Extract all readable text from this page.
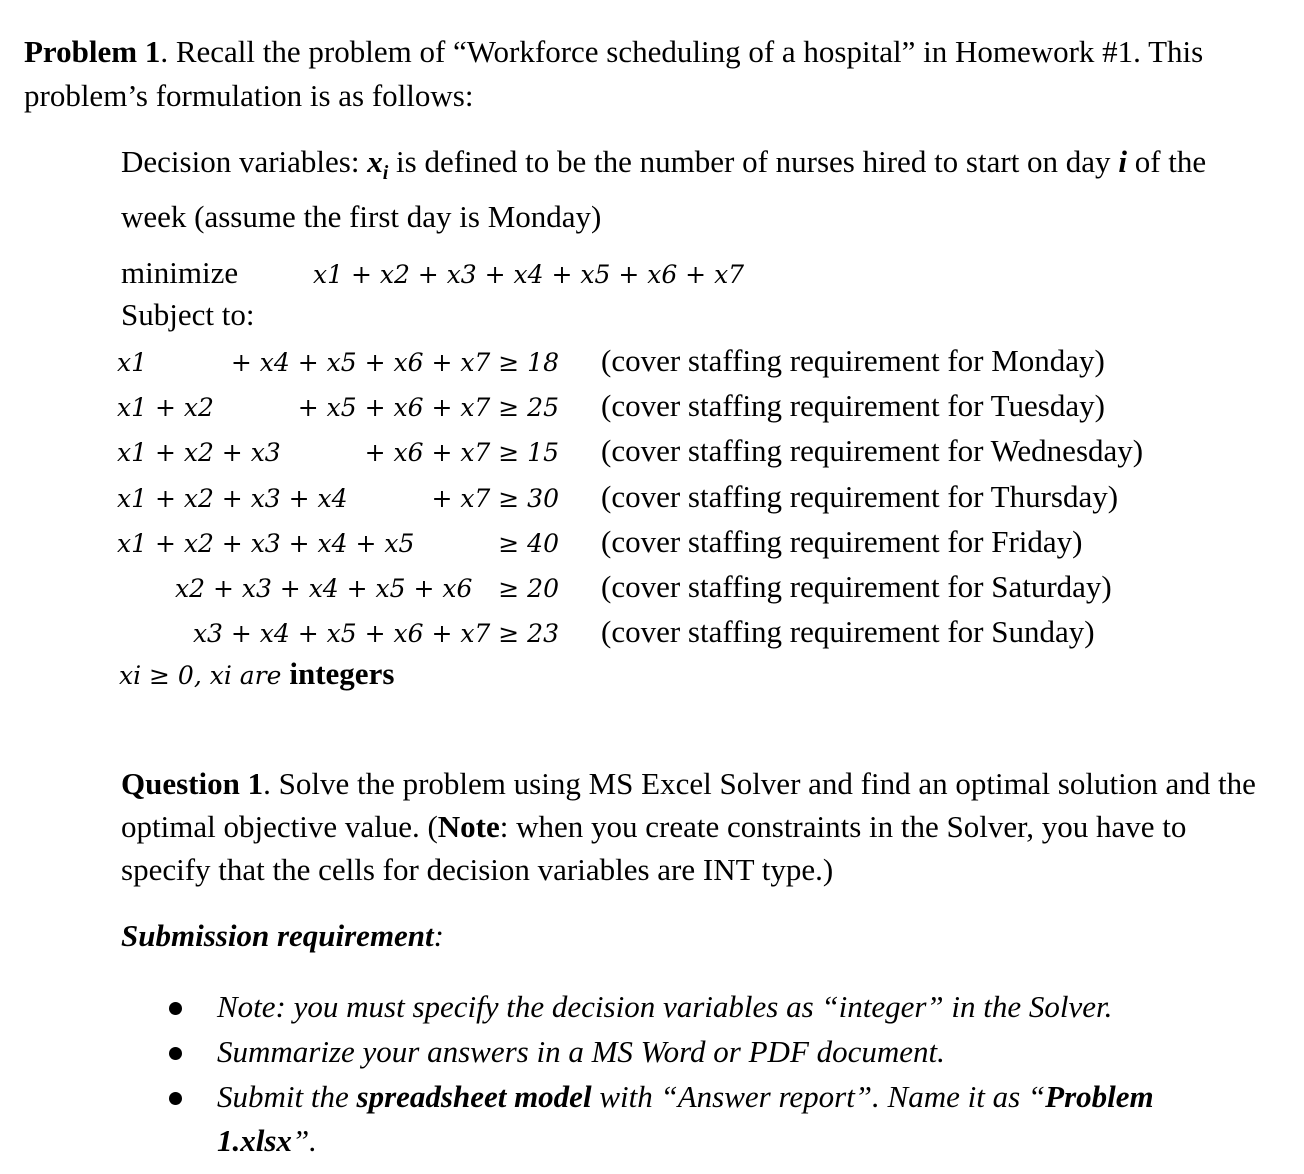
Problem 1. Recall the problem of “Workforce scheduling of a hospital” in Homework #1. This problem’s formulation is as follows:
Decision variables: $x_i$ is defined to be the number of nurses hired to start on day i of the week (assume the first day is Monday)
minimize	x1 + x2 + x3 + x4 + x5 + x6 + x7
Subject to:
x1	+ x4 + x5 + x6 + x7 ≥ 18 (cover staffing requirement for Monday)
x1 + x2	+ x5 + x6 + x7 ≥ 25 (cover staffing requirement for Tuesday)
x1 + x2 + x3	+ x6 + x7 ≥ 15 (cover staffing requirement for Wednesday)
x1 + x2 + x3 + x4	+ x7 ≥ 30 (cover staffing requirement for Thursday)
x1 + x2 + x3 + x4 + x5	≥ 40 (cover staffing requirement for Friday)
x2 + x3 + x4 + x5 + x6 ≥ 20 (cover staffing requirement for Saturday)
x3 + x4 + x5 + x6 + x7 ≥ 23 (cover staffing requirement for Sunday)
xi ≥ 0, xi are integers
Question 1. Solve the problem using MS Excel Solver and find an optimal solution and the optimal objective value. (Note: when you create constraints in the Solver, you have to specify that the cells for decision variables are INT type.)
Submission requirement:
Note: you must specify the decision variables as “integer” in the Solver.
Summarize your answers in a MS Word or PDF document.
Submit the spreadsheet model with “Answer report”. Name it as “Problem 1.xlsx”.
